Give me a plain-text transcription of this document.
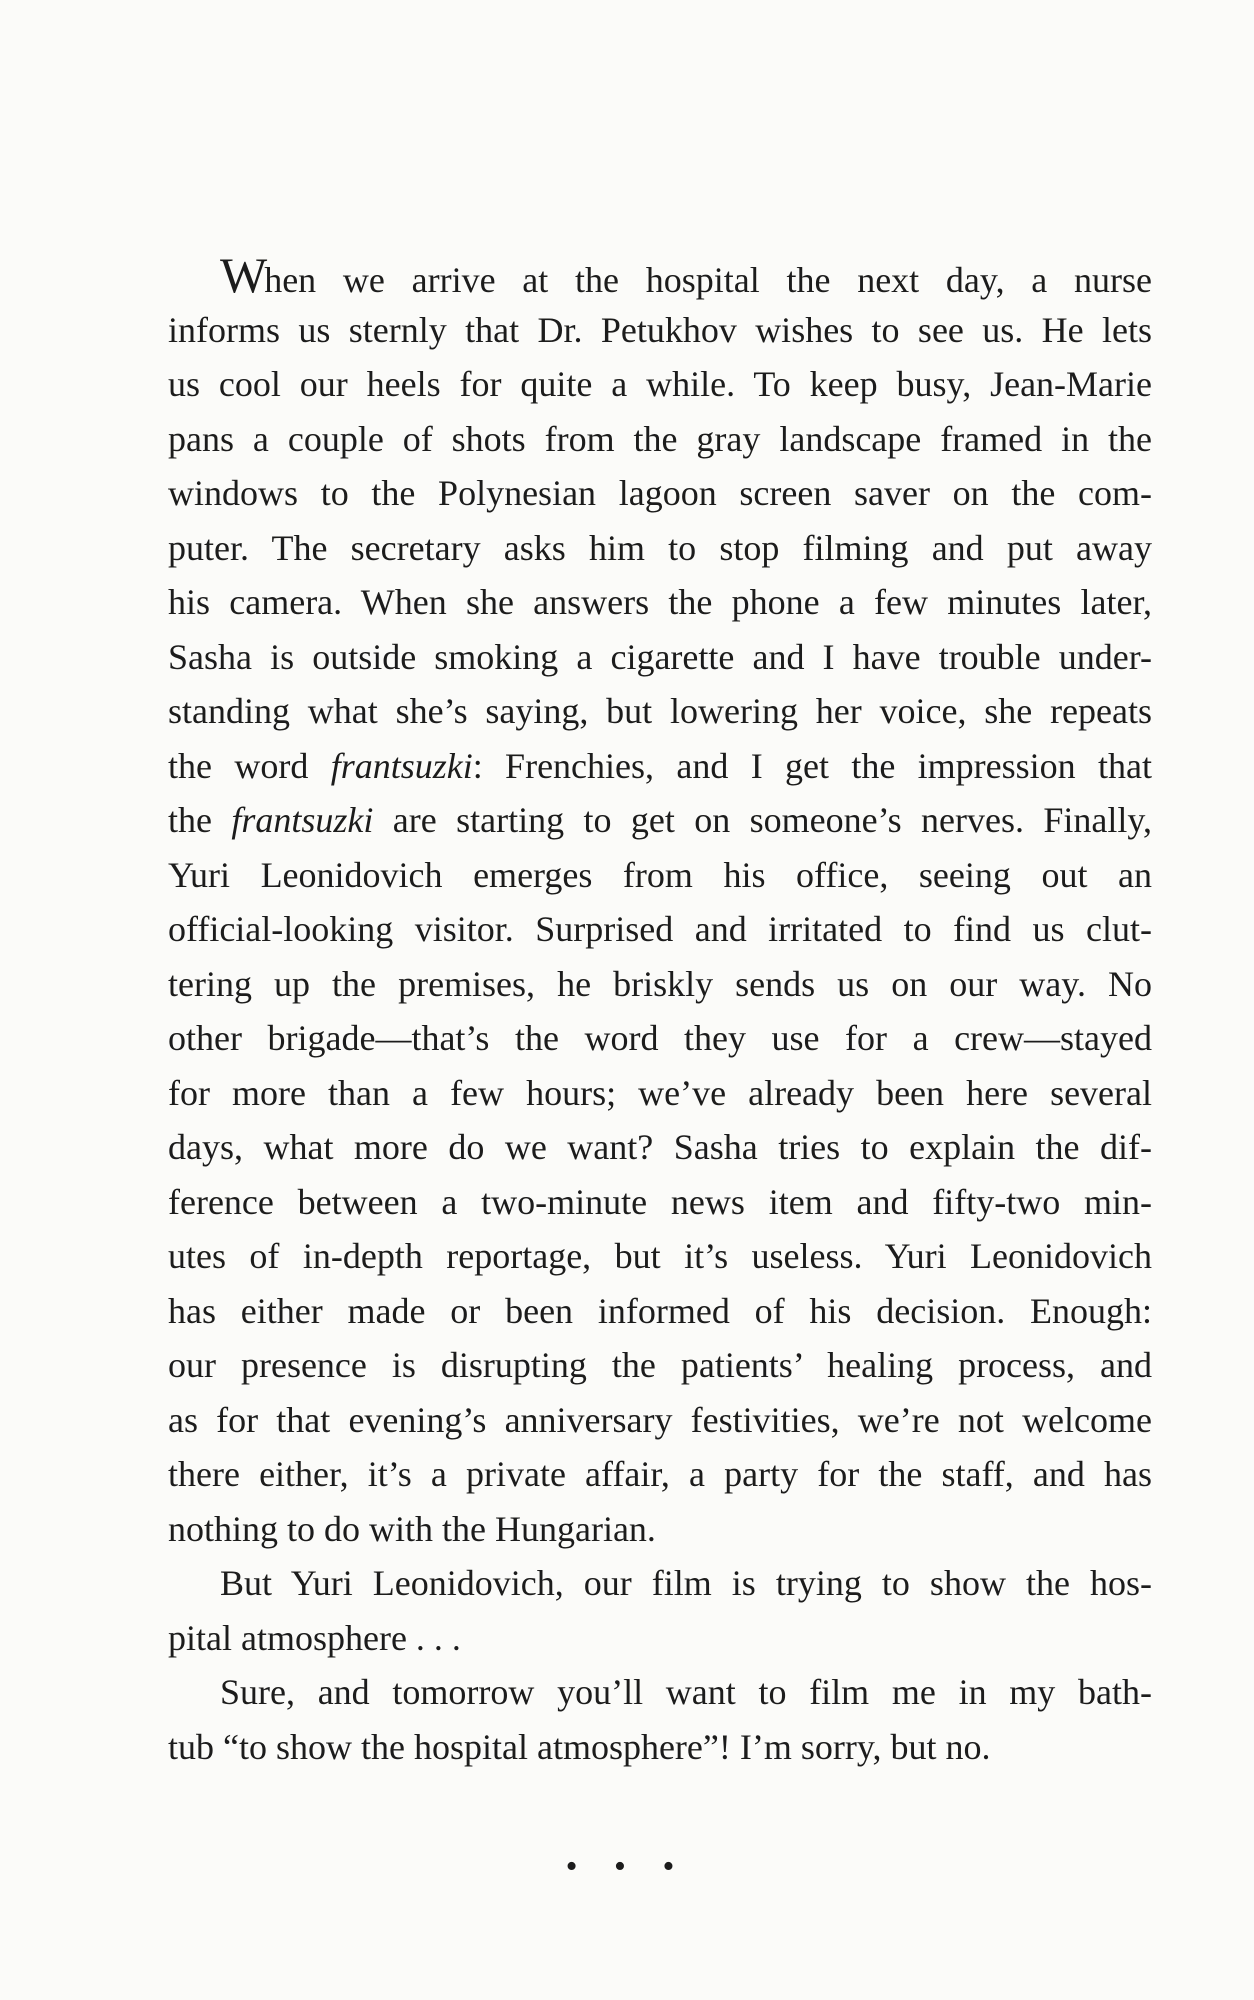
When we arrive at the hospital the next day, a nurse
informs us sternly that Dr. Petukhov wishes to see us. He lets
us cool our heels for quite a while. To keep busy, Jean-Marie
pans a couple of shots from the gray landscape framed in the
windows to the Polynesian lagoon screen saver on the com-
puter. The secretary asks him to stop filming and put away
his camera. When she answers the phone a few minutes later,
Sasha is outside smoking a cigarette and I have trouble under-
standing what she’s saying, but lowering her voice, she repeats
the word frantsuzki: Frenchies, and I get the impression that
the frantsuzki are starting to get on someone’s nerves. Finally,
Yuri Leonidovich emerges from his office, seeing out an
official-looking visitor. Surprised and irritated to find us clut-
tering up the premises, he briskly sends us on our way. No
other brigade—that’s the word they use for a crew—stayed
for more than a few hours; we’ve already been here several
days, what more do we want? Sasha tries to explain the dif-
ference between a two-minute news item and fifty-two min-
utes of in-depth reportage, but it’s useless. Yuri Leonidovich
has either made or been informed of his decision. Enough:
our presence is disrupting the patients’ healing process, and
as for that evening’s anniversary festivities, we’re not welcome
there either, it’s a private affair, a party for the staff, and has
nothing to do with the Hungarian.
But Yuri Leonidovich, our film is trying to show the hos-
pital atmosphere . . .
Sure, and tomorrow you’ll want to film me in my bath-
tub “to show the hospital atmosphere”! I’m sorry, but no.
• • •
